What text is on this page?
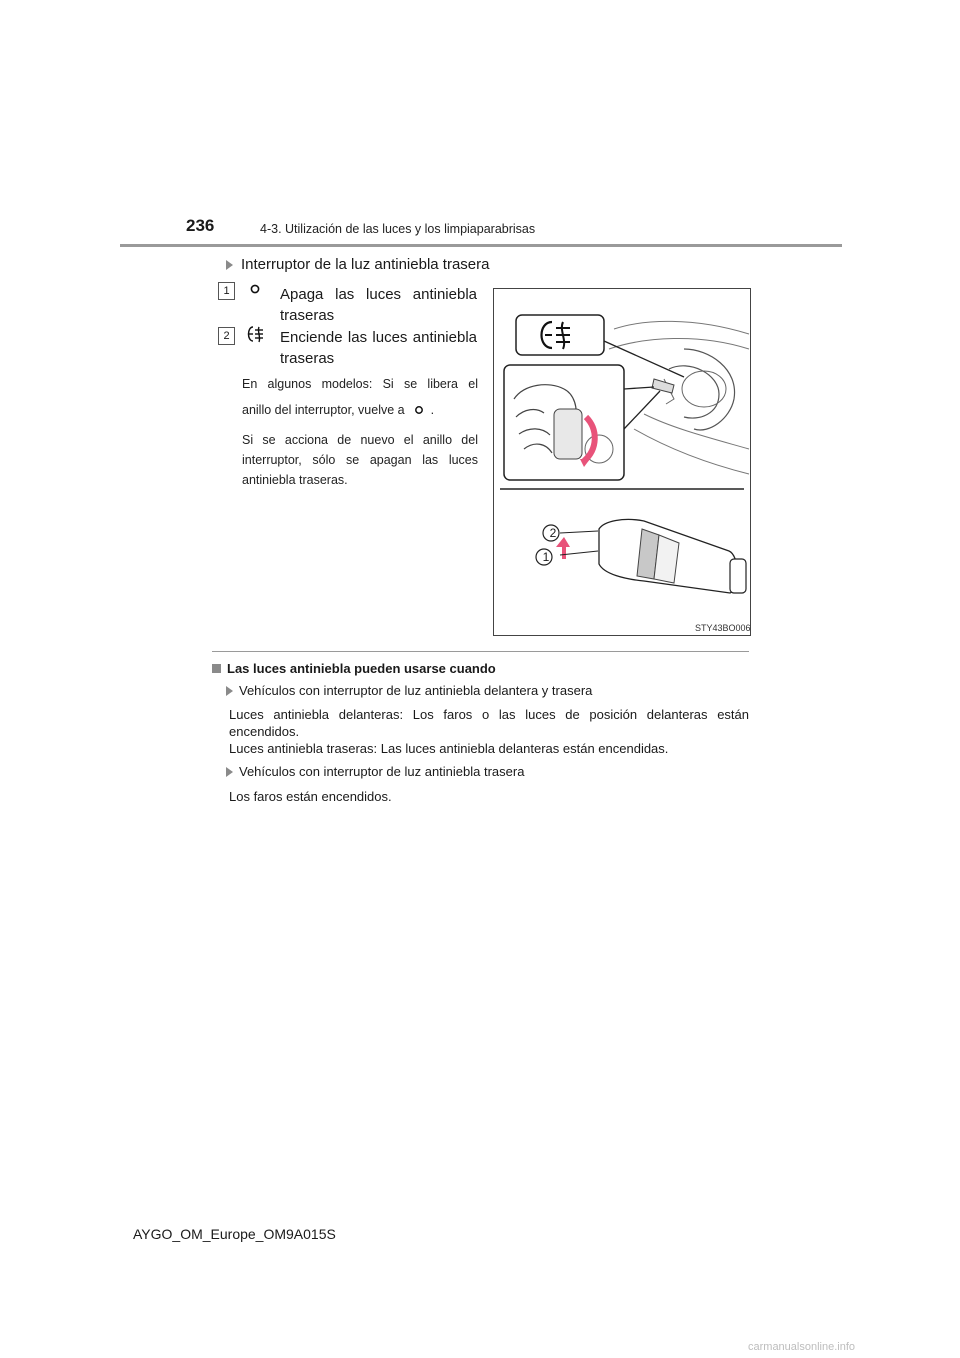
236	4-3. Utilización de las luces y los limpiaparabrisas
Interruptor de la luz antiniebla trasera
1	Apaga las luces antiniebla
traseras
2	Enciende las luces antiniebla
traseras
En algunos modelos: Si se libera el
anillo del interruptor, vuelve a .
Si se acciona de nuevo el anillo del interruptor, sólo se apagan las luces antiniebla traseras.
2
1
STY43BO006
Las luces antiniebla pueden usarse cuando
Vehículos con interruptor de luz antiniebla delantera y trasera
Luces antiniebla delanteras: Los faros o las luces de posición delanteras están encendidos.
Luces antiniebla traseras: Las luces antiniebla delanteras están encendidas.
Vehículos con interruptor de luz antiniebla trasera
Los faros están encendidos.
AYGO_OM_Europe_OM9A015S
carmanualsonline.info
